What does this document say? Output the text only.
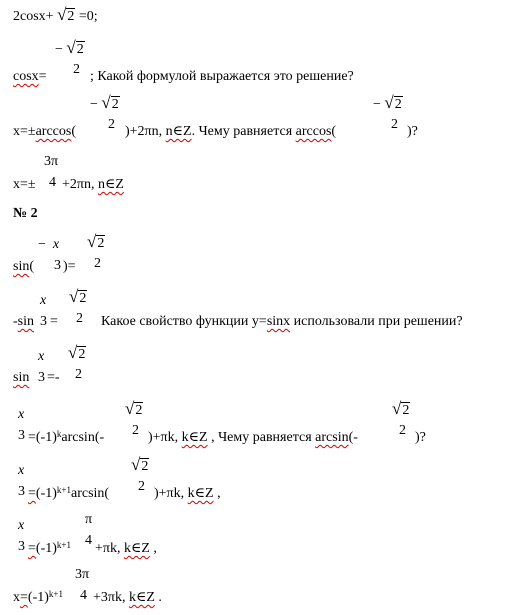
2cosx+ √ 2 =0;
− √ 2
2
cosx=	; Какой формулой выражается это решение?
− √ 2
2
x=±arccos(	)+2πn, n∈Z. Чему равняется arccos(
− √ 2
2 )?
3π
4
x=± +2πn, n∈Z
№ 2
− x
3
√ 2
2
sin( )=
x
3
√ 2
2
-sin =	Какое свойство функции y=sinx использовали при решении?
x
3
√ 2
2
sin =-
x
$3 =(-1)^k\arcsin(-$
√ 2
2 )+πk, k∈Z , Чему равняется arcsin(-
√ 2
2 )?
x
$3 =(-1)^{k+1}\arcsin$(
√ 2
2 )+πk, k∈Z ,
x
3
π
4
$=(-1)^{k+1} +\pi k$, k∈Z ,
3π
4
$x=(-1)^{k+1} +3\pi k$, k∈Z .
